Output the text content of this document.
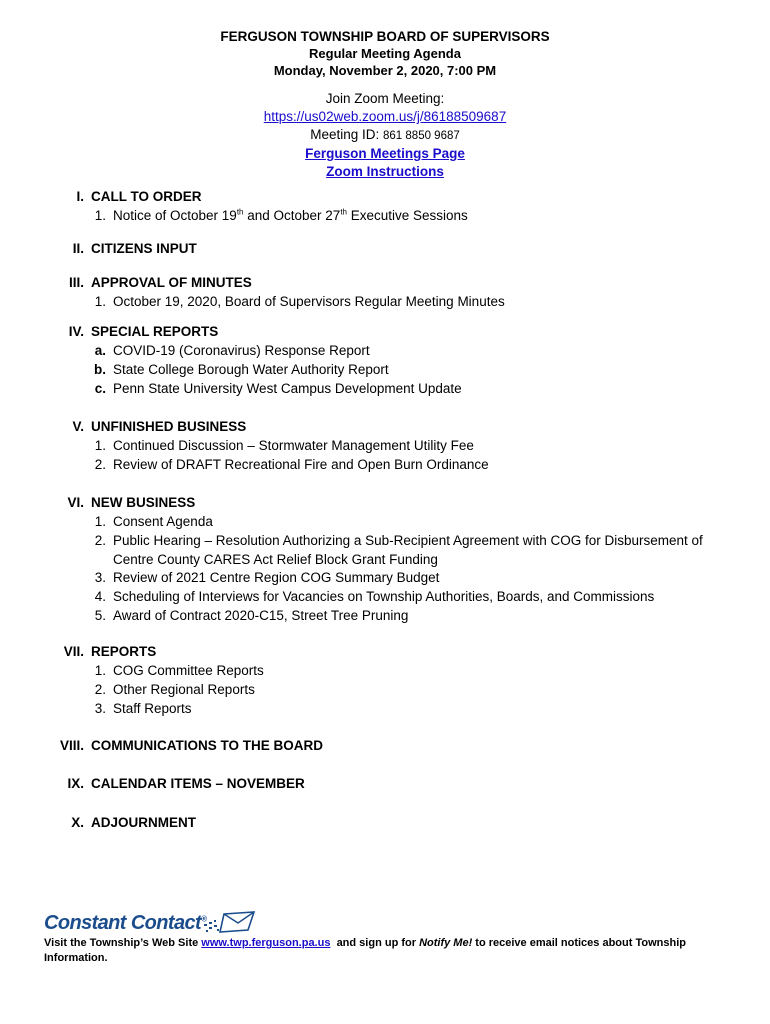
FERGUSON TOWNSHIP BOARD OF SUPERVISORS
Regular Meeting Agenda
Monday, November 2, 2020, 7:00 PM
Join Zoom Meeting:
https://us02web.zoom.us/j/86188509687
Meeting ID: 861 8850 9687
Ferguson Meetings Page
Zoom Instructions
I. CALL TO ORDER
1. Notice of October 19th and October 27th Executive Sessions
II. CITIZENS INPUT
III. APPROVAL OF MINUTES
1. October 19, 2020, Board of Supervisors Regular Meeting Minutes
IV. SPECIAL REPORTS
a. COVID-19 (Coronavirus) Response Report
b. State College Borough Water Authority Report
c. Penn State University West Campus Development Update
V. UNFINISHED BUSINESS
1. Continued Discussion – Stormwater Management Utility Fee
2. Review of DRAFT Recreational Fire and Open Burn Ordinance
VI. NEW BUSINESS
1. Consent Agenda
2. Public Hearing – Resolution Authorizing a Sub-Recipient Agreement with COG for Disbursement of Centre County CARES Act Relief Block Grant Funding
3. Review of 2021 Centre Region COG Summary Budget
4. Scheduling of Interviews for Vacancies on Township Authorities, Boards, and Commissions
5. Award of Contract 2020-C15, Street Tree Pruning
VII. REPORTS
1. COG Committee Reports
2. Other Regional Reports
3. Staff Reports
VIII. COMMUNICATIONS TO THE BOARD
IX. CALENDAR ITEMS – NOVEMBER
X. ADJOURNMENT
Constant Contact®
Visit the Township’s Web Site www.twp.ferguson.pa.us  and sign up for Notify Me! to receive email notices about Township Information.
